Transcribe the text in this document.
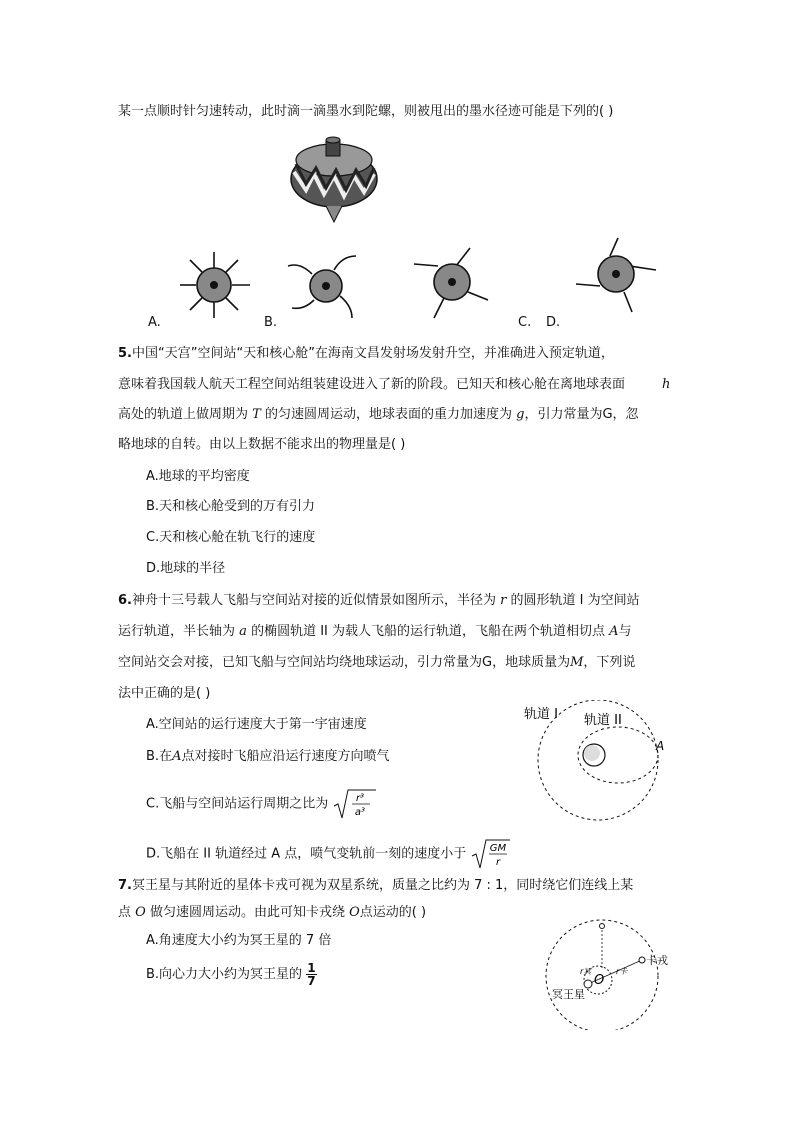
某一点顺时针匀速转动，此时滴一滴墨水到陀螺，则被甩出的墨水径迹可能是下列的( )
A.	B.	C. D.
5.中国“天宫”空间站“天和核心舱”在海南文昌发射场发射升空，并准确进入预定轨道，
意味着我国载人航天工程空间站组装建设进入了新的阶段。已知天和核心舱在离地球表面	h
高处的轨道上做周期为 T 的匀速圆周运动，地球表面的重力加速度为 g，引力常量为G，忽
略地球的自转。由以上数据不能求出的物理量是( )
A.地球的平均密度
B.天和核心舱受到的万有引力
C.天和核心舱在轨飞行的速度
D.地球的半径
6.神舟十三号载人飞船与空间站对接的近似情景如图所示，半径为 r 的圆形轨道 I 为空间站
运行轨道，半长轴为 a 的椭圆轨道 II 为载人飞船的运行轨道，飞船在两个轨道相切点 A与
空间站交会对接，已知飞船与空间站均绕地球运动，引力常量为G，地球质量为M，下列说
法中正确的是( )
A.空间站的运行速度大于第一宇宙速度
B.在A点对接时飞船应沿运行速度方向喷气
C.飞船与空间站运行周期之比为	r³
a³
D.飞船在 II 轨道经过 A 点，喷气变轨前一刻的速度小于 GM
r
轨道 I 轨道 II
A
7.冥王星与其附近的星体卡戎可视为双星系统，质量之比约为 7 : 1，同时绕它们连线上某
点 O 做匀速圆周运动。由此可知卡戎绕 O点运动的( )
A.角速度大小约为冥王星的 7 倍
B.向心力大小约为冥王星的 $\frac{1}{7}$
卡戎
冥王星
O
r冥	r卡
